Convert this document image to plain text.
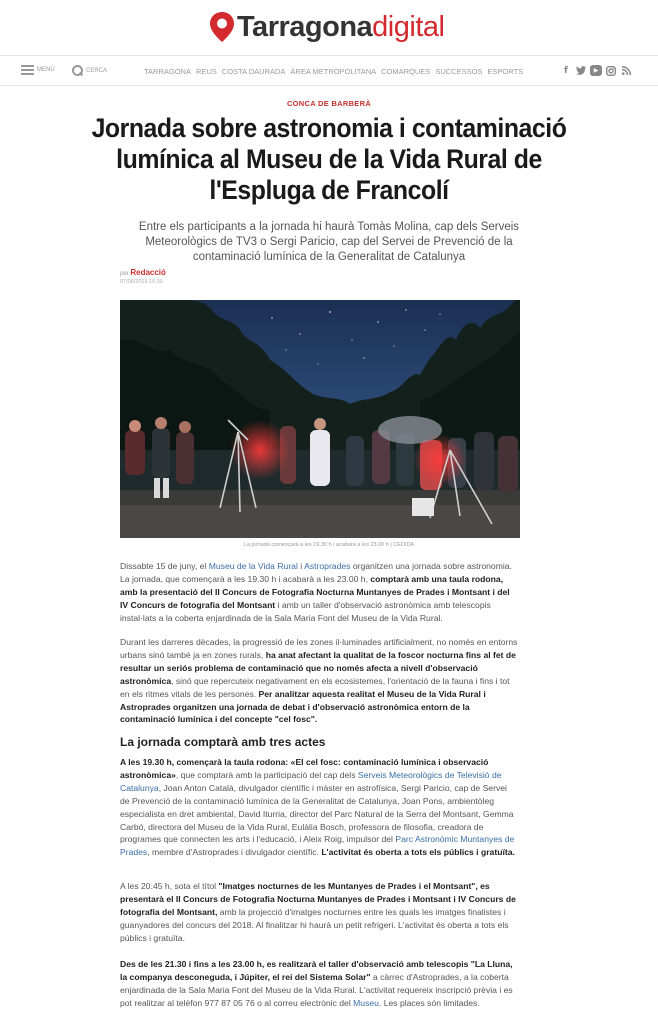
Tarragonadigital
MENÚ	CERCA	TARRAGONA REUS COSTA DAURADA ÀREA METROPOLITANA COMARQUES SUCCESSOS ESPORTS	f	▶
CONCA DE BARBERÀ
Jornada sobre astronomia i contaminació lumínica al Museu de la Vida Rural de l'Espluga de Francolí
Entre els participants a la jornada hi haurà Tomàs Molina, cap dels Serveis Meteorològics de TV3 o Sergi Paricio, cap del Servei de Prevenció de la contaminació lumínica de la Generalitat de Catalunya
per Redacció
07/06/2019 10:30
La jornada començarà a les 19.30 h i acabarà a les 23.00 h | CEDIDA

Dissabte 15 de juny, el Museu de la Vida Rural i Astroprades organitzen una jornada sobre astronomia. La jornada, que començarà a les 19.30 h i acabarà a les 23.00 h, comptarà amb una taula rodona, amb la presentació del II Concurs de Fotografia Nocturna Muntanyes de Prades i Montsant i del IV Concurs de fotografia del Montsant i amb un taller d'observació astronòmica amb telescopis instal·lats a la coberta enjardinada de la Sala Maria Font del Museu de la Vida Rural.

Durant les darreres dècades, la progressió de les zones il·luminades artificialment, no només en entorns urbans sinó també ja en zones rurals, ha anat afectant la qualitat de la foscor nocturna fins al fet de resultar un seriós problema de contaminació que no només afecta a nivell d'observació astronòmica, sinó que repercuteix negativament en els ecosistemes, l'orientació de la fauna i fins i tot en els ritmes vitals de les persones. Per analitzar aquesta realitat el Museu de la Vida Rural i Astroprades organitzen una jornada de debat i d'observació astronòmica entorn de la contaminació lumínica i del concepte "cel fosc".

La jornada comptarà amb tres actes

A les 19.30 h, començarà la taula rodona: «El cel fosc: contaminació lumínica i observació astronòmica», que comptarà amb la participació del cap dels Serveis Meteorològics de Televisió de Catalunya, Joan Anton Català, divulgador científic i màster en astrofísica, Sergi Paricio, cap de Servei de Prevenció de la contaminació lumínica de la Generalitat de Catalunya, Joan Pons, ambientòleg especialista en dret ambiental, David Iturria, director del Parc Natural de la Serra del Montsant, Gemma Carbó, directora del Museu de la Vida Rural, Eulàlia Bosch, professora de filosofia, creadora de programes que connecten les arts i l'educació, i Aleix Roig, impulsor del Parc Astronòmic Muntanyes de Prades, membre d'Astroprades i divulgador científic. L'activitat és oberta a tots els públics i gratuïta.

A les 20.45 h, sota el títol "Imatges nocturnes de les Muntanyes de Prades i el Montsant", es presentarà el II Concurs de Fotografia Nocturna Muntanyes de Prades i Montsant i IV Concurs de fotografia del Montsant, amb la projecció d'imatges nocturnes entre les quals les imatges finalistes i guanyadores del concurs del 2018. Al finalitzar hi haurà un petit refrigeri. L'activitat és oberta a tots els públics i gratuïta.

Des de les 21.30 i fins a les 23.00 h, es realitzarà el taller d'observació amb telescopis "La Lluna, la companya desconeguda, i Júpiter, el rei del Sistema Solar" a càrrec d'Astroprades, a la coberta enjardinada de la Sala Maria Font del Museu de la Vida Rural. L'activitat requereix inscripció prèvia i es pot realitzar al telèfon 977 87 05 76 o al correu electrònic del Museu. Les places són limitades.
